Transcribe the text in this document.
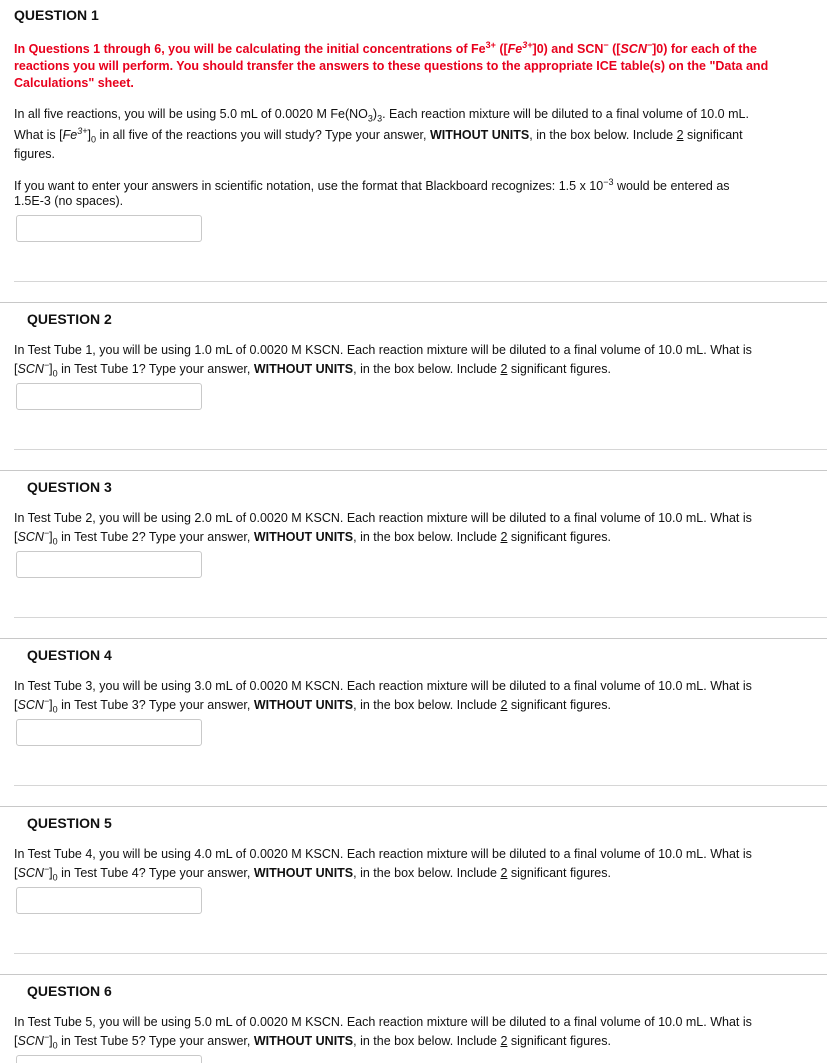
QUESTION 1
In Questions 1 through 6, you will be calculating the initial concentrations of $Fe^{3+}$ $([Fe^{3+}]0)$ and SCN− ([SCN−]0) for each of the reactions you will perform. You should transfer the answers to these questions to the appropriate ICE table(s) on the "Data and Calculations" sheet.
In all five reactions, you will be using 5.0 mL of 0.0020 M $Fe(NO_3)_3$. Each reaction mixture will be diluted to a final volume of 10.0 mL.
What is $[Fe^{3+}]_0$ in all five of the reactions you will study? Type your answer, WITHOUT UNITS, in the box below. Include 2 significant
figures.
If you want to enter your answers in scientific notation, use the format that Blackboard recognizes: 1.5 x $10^{-3}$ would be entered as
1.5E-3 (no spaces).
QUESTION 2
In Test Tube 1, you will be using 1.0 mL of 0.0020 M KSCN. Each reaction mixture will be diluted to a final volume of 10.0 mL. What is
$[SCN^-]_0$ in Test Tube 1? Type your answer, WITHOUT UNITS, in the box below. Include 2 significant figures.
QUESTION 3
In Test Tube 2, you will be using 2.0 mL of 0.0020 M KSCN. Each reaction mixture will be diluted to a final volume of 10.0 mL. What is
$[SCN^-]_0$ in Test Tube 2? Type your answer, WITHOUT UNITS, in the box below. Include 2 significant figures.
QUESTION 4
In Test Tube 3, you will be using 3.0 mL of 0.0020 M KSCN. Each reaction mixture will be diluted to a final volume of 10.0 mL. What is
$[SCN^-]_0$ in Test Tube 3? Type your answer, WITHOUT UNITS, in the box below. Include 2 significant figures.
QUESTION 5
In Test Tube 4, you will be using 4.0 mL of 0.0020 M KSCN. Each reaction mixture will be diluted to a final volume of 10.0 mL. What is
$[SCN^-]_0$ in Test Tube 4? Type your answer, WITHOUT UNITS, in the box below. Include 2 significant figures.
QUESTION 6
In Test Tube 5, you will be using 5.0 mL of 0.0020 M KSCN. Each reaction mixture will be diluted to a final volume of 10.0 mL. What is
$[SCN^-]_0$ in Test Tube 5? Type your answer, WITHOUT UNITS, in the box below. Include 2 significant figures.
